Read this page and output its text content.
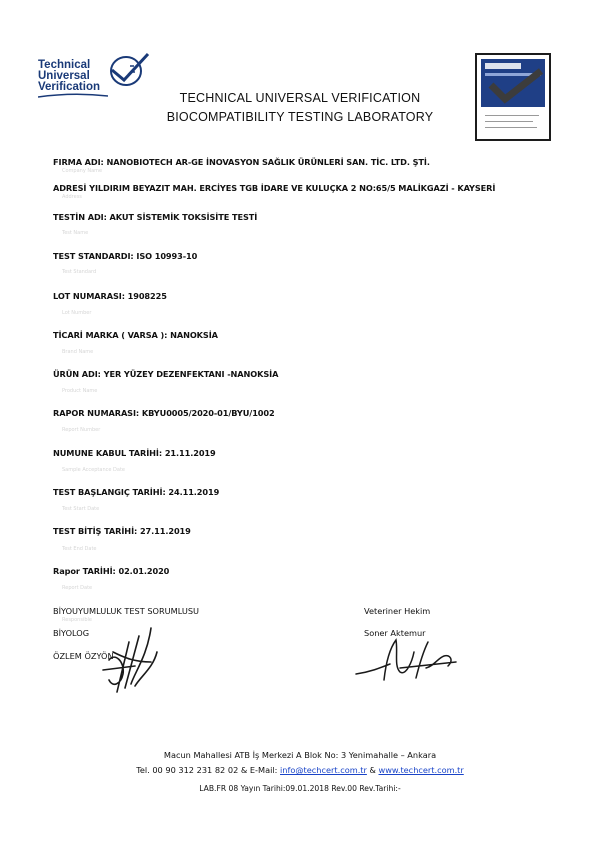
Technical
Universal
Verification
TECHNICAL UNIVERSAL VERIFICATION
BIOCOMPATIBILITY TESTING LABORATORY
FIRMA ADI: NANOBIOTECH AR-GE İNOVASYON SAĞLIK ÜRÜNLERİ SAN. TİC. LTD. ŞTİ.
Company Name
ADRESİ YILDIRIM BEYAZIT MAH. ERCİYES TGB İDARE VE KULUÇKA 2 NO:65/5 MALİKGAZİ - KAYSERİ
Address
TESTİN ADI: AKUT SİSTEMİK TOKSİSİTE TESTİ
Test Name
TEST STANDARDI: ISO 10993-10
Test Standard
LOT NUMARASI: 1908225
Lot Number
TİCARİ MARKA ( VARSA ): NANOKSİA
Brand Name
ÜRÜN ADI: YER YÜZEY DEZENFEKTANI -NANOKSİA
Product Name
RAPOR NUMARASI: KBYU0005/2020-01/BYU/1002
Report Number
NUMUNE KABUL TARİHİ: 21.11.2019
Sample Acceptance Date
TEST BAŞLANGIÇ TARİHİ: 24.11.2019
Test Start Date
TEST BİTİŞ TARİHİ: 27.11.2019
Test End Date
Rapor TARİHİ: 02.01.2020
Report Date
BİYOUYUMLULUK TEST SORUMLUSU
Responsible
BİYOLOG
ÖZLEM ÖZYÖN
Veteriner Hekim
Soner Aktemur
Macun Mahallesi ATB İş Merkezi A Blok No: 3 Yenimahalle – Ankara
Tel. 00 90 312 231 82 02 & E-Mail: info@techcert.com.tr & www.techcert.com.tr
LAB.FR 08 Yayın Tarihi:09.01.2018 Rev.00 Rev.Tarihi:-
